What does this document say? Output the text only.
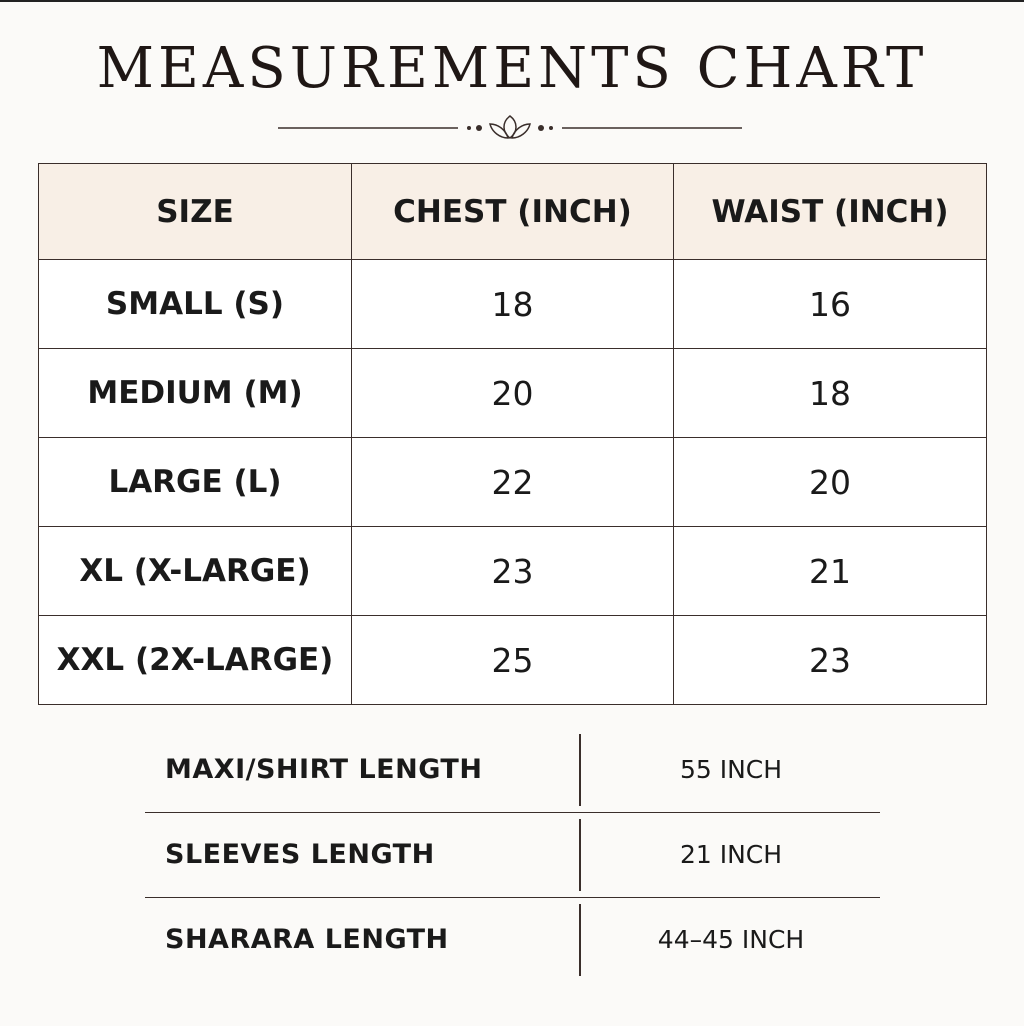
MEASUREMENTS CHART
SIZE	CHEST (INCH)	WAIST (INCH)
SMALL (S)	18	16
MEDIUM (M)	20	18
LARGE (L)	22	20
XL (X-LARGE)	23	21
XXL (2X-LARGE)	25	23
MAXI/SHIRT LENGTH	55 INCH
SLEEVES LENGTH	21 INCH
SHARARA LENGTH	44–45 INCH
